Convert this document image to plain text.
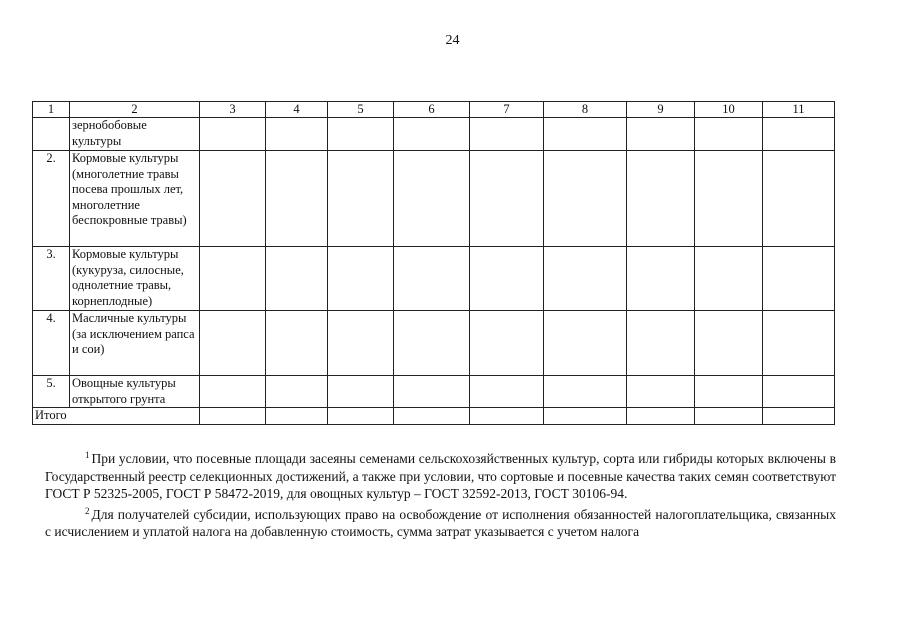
24
1	2	3	4	5	6	7	8	9	10	11
	зернобобовые культуры									
2.	Кормовые культуры (многолетние травы посева прошлых лет, многолетние беспокровные травы)									
3.	Кормовые культуры (кукуруза, силосные, однолетние травы, корнеплодные)									
4.	Масличные культуры (за исключением рапса и сои)									
5.	Овощные культуры открытого грунта									
Итого										

$^1$ При условии, что посевные площади засеяны семенами сельскохозяйственных культур, сорта или гибриды которых включены в Государственный реестр селекционных достижений, а также при условии, что сортовые и посевные качества таких семян соответствуют ГОСТ Р 52325-2005, ГОСТ Р 58472-2019, для овощных культур – ГОСТ 32592-2013, ГОСТ 30106-94.

$^2$ Для получателей субсидии, использующих право на освобождение от исполнения обязанностей налогоплательщика, связанных с исчислением и уплатой налога на добавленную стоимость, сумма затрат указывается с учетом налога
